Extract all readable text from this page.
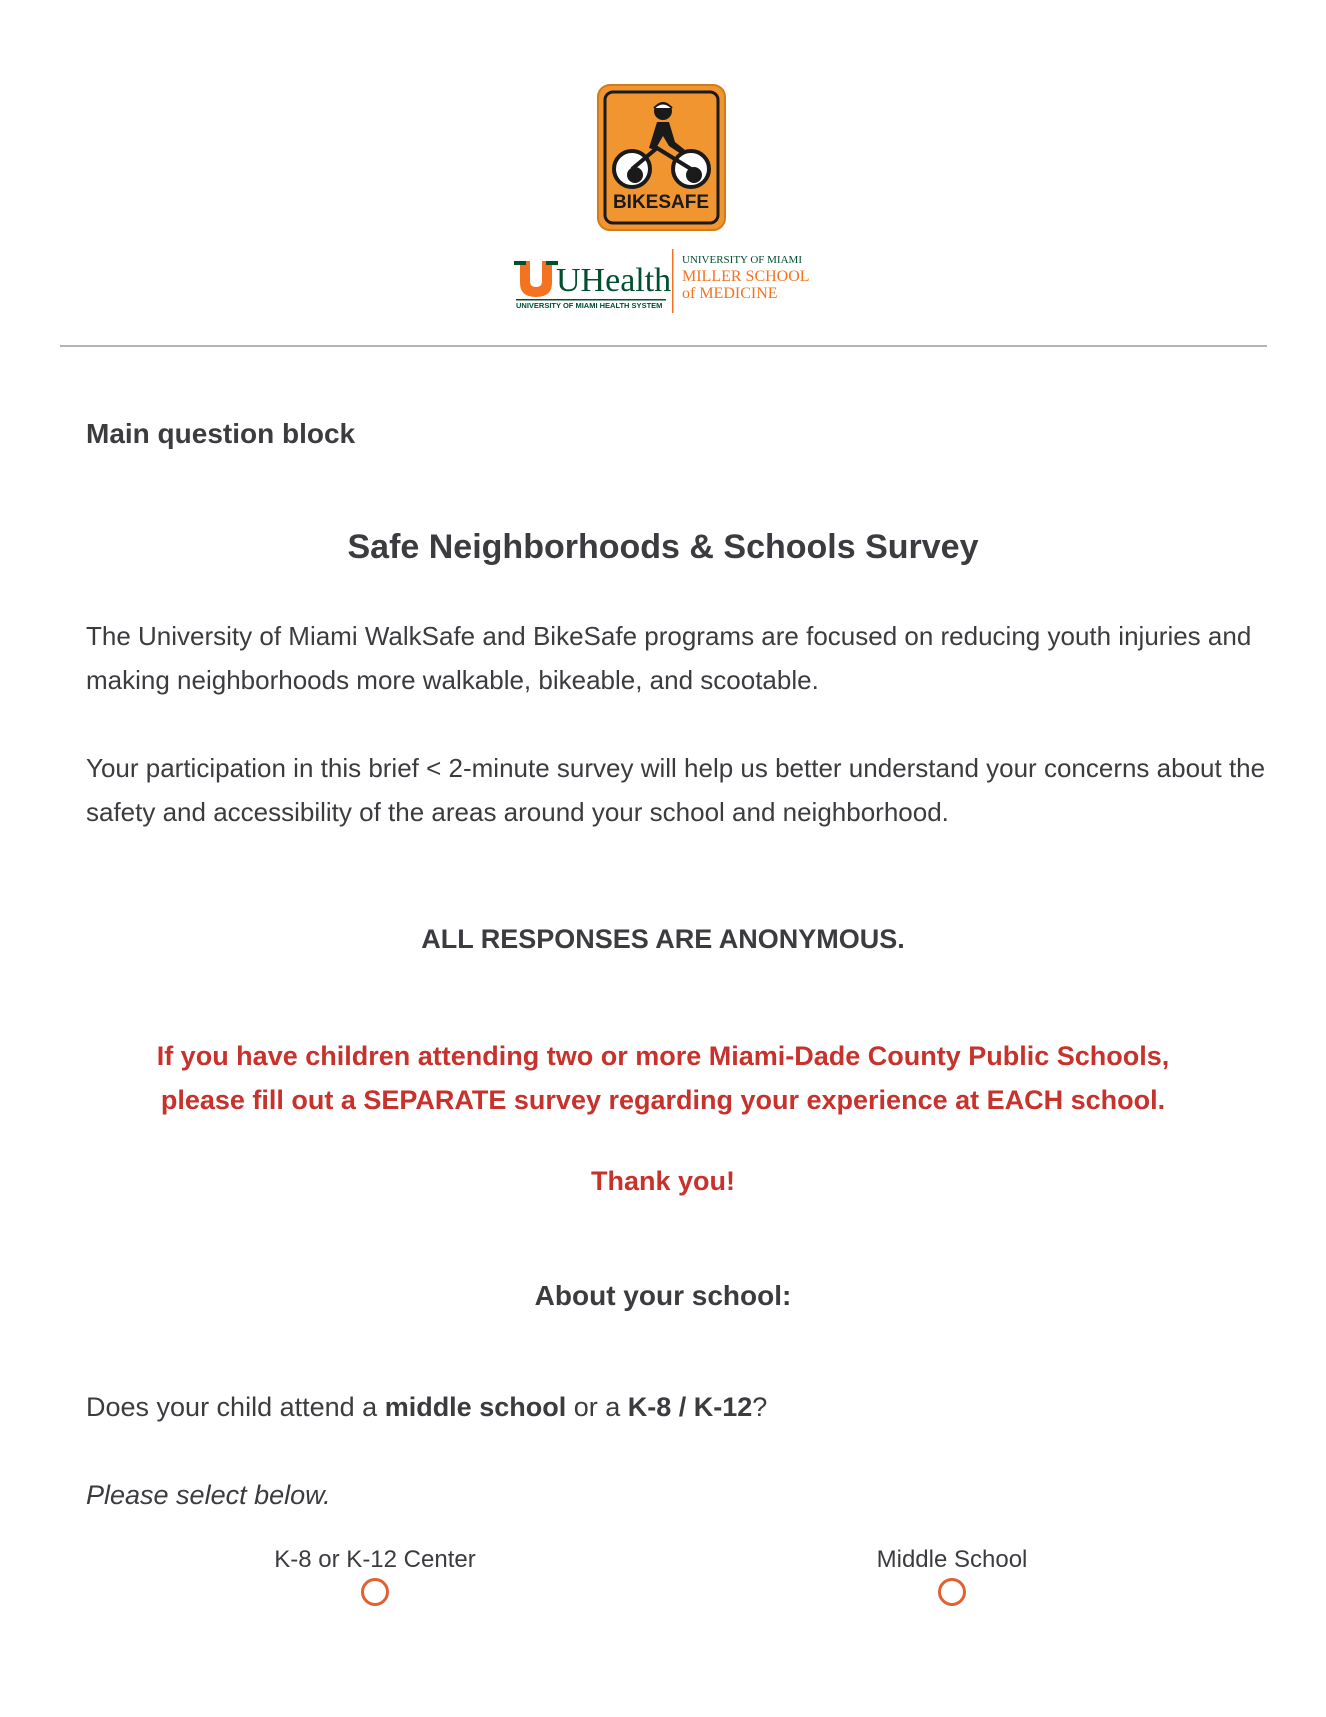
BIKESAFE
UHealth
UNIVERSITY OF MIAMI HEALTH SYSTEM
UNIVERSITY OF MIAMI
MILLER SCHOOL
of MEDICINE
Main question block
Safe Neighborhoods & Schools Survey
The University of Miami WalkSafe and BikeSafe programs are focused on reducing youth injuries and making neighborhoods more walkable, bikeable, and scootable.
Your participation in this brief < 2-minute survey will help us better understand your concerns about the safety and accessibility of the areas around your school and neighborhood.
ALL RESPONSES ARE ANONYMOUS.
If you have children attending two or more Miami-Dade County Public Schools,
please fill out a SEPARATE survey regarding your experience at EACH school.
Thank you!
About your school:
Does your child attend a middle school or a K-8 / K-12?
Please select below.
K-8 or K-12 Center	Middle School
